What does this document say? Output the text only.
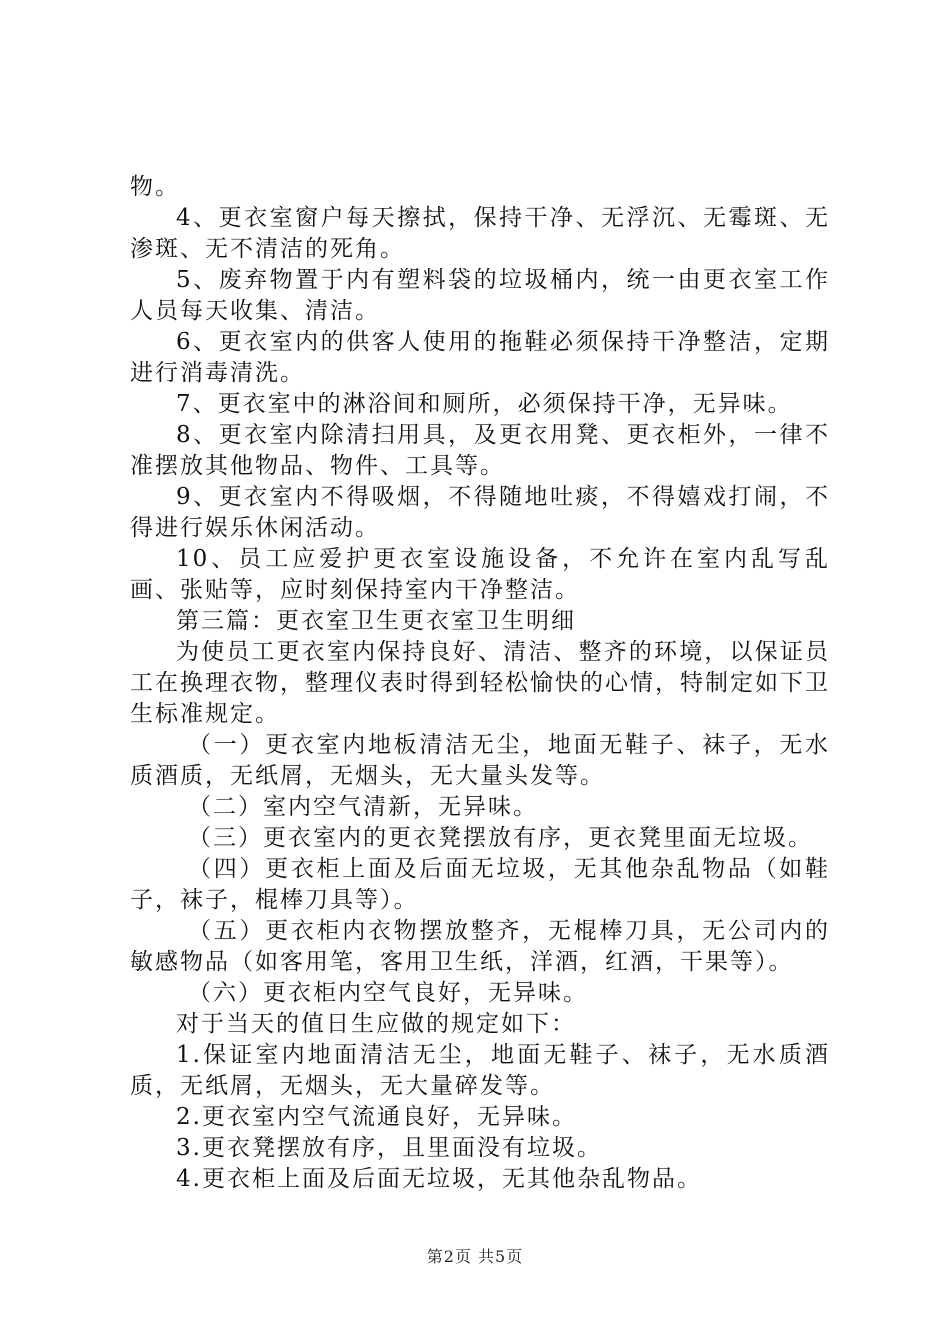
物。

4、更衣室窗户每天擦拭，保持干净、无浮沉、无霉斑、无渗斑、无不清洁的死角。

5、废弃物置于内有塑料袋的垃圾桶内，统一由更衣室工作人员每天收集、清洁。

6、更衣室内的供客人使用的拖鞋必须保持干净整洁，定期进行消毒清洗。

7、更衣室中的淋浴间和厕所，必须保持干净，无异味。

8、更衣室内除清扫用具，及更衣用凳、更衣柜外，一律不准摆放其他物品、物件、工具等。

9、更衣室内不得吸烟，不得随地吐痰，不得嬉戏打闹，不得进行娱乐休闲活动。

10、员工应爱护更衣室设施设备，不允许在室内乱写乱画、张贴等，应时刻保持室内干净整洁。

第三篇：更衣室卫生更衣室卫生明细

为使员工更衣室内保持良好、清洁、整齐的环境，以保证员工在换理衣物，整理仪表时得到轻松愉快的心情，特制定如下卫生标准规定。

（一）更衣室内地板清洁无尘，地面无鞋子、袜子，无水质酒质，无纸屑，无烟头，无大量头发等。

（二）室内空气清新，无异味。

（三）更衣室内的更衣凳摆放有序，更衣凳里面无垃圾。

（四）更衣柜上面及后面无垃圾，无其他杂乱物品（如鞋子，袜子，棍棒刀具等）。

（五）更衣柜内衣物摆放整齐，无棍棒刀具，无公司内的敏感物品（如客用笔，客用卫生纸，洋酒，红酒，干果等）。

（六）更衣柜内空气良好，无异味。

对于当天的值日生应做的规定如下：

1.保证室内地面清洁无尘，地面无鞋子、袜子，无水质酒质，无纸屑，无烟头，无大量碎发等。

2.更衣室内空气流通良好，无异味。

3.更衣凳摆放有序，且里面没有垃圾。

4.更衣柜上面及后面无垃圾，无其他杂乱物品。

第2页 共5页
